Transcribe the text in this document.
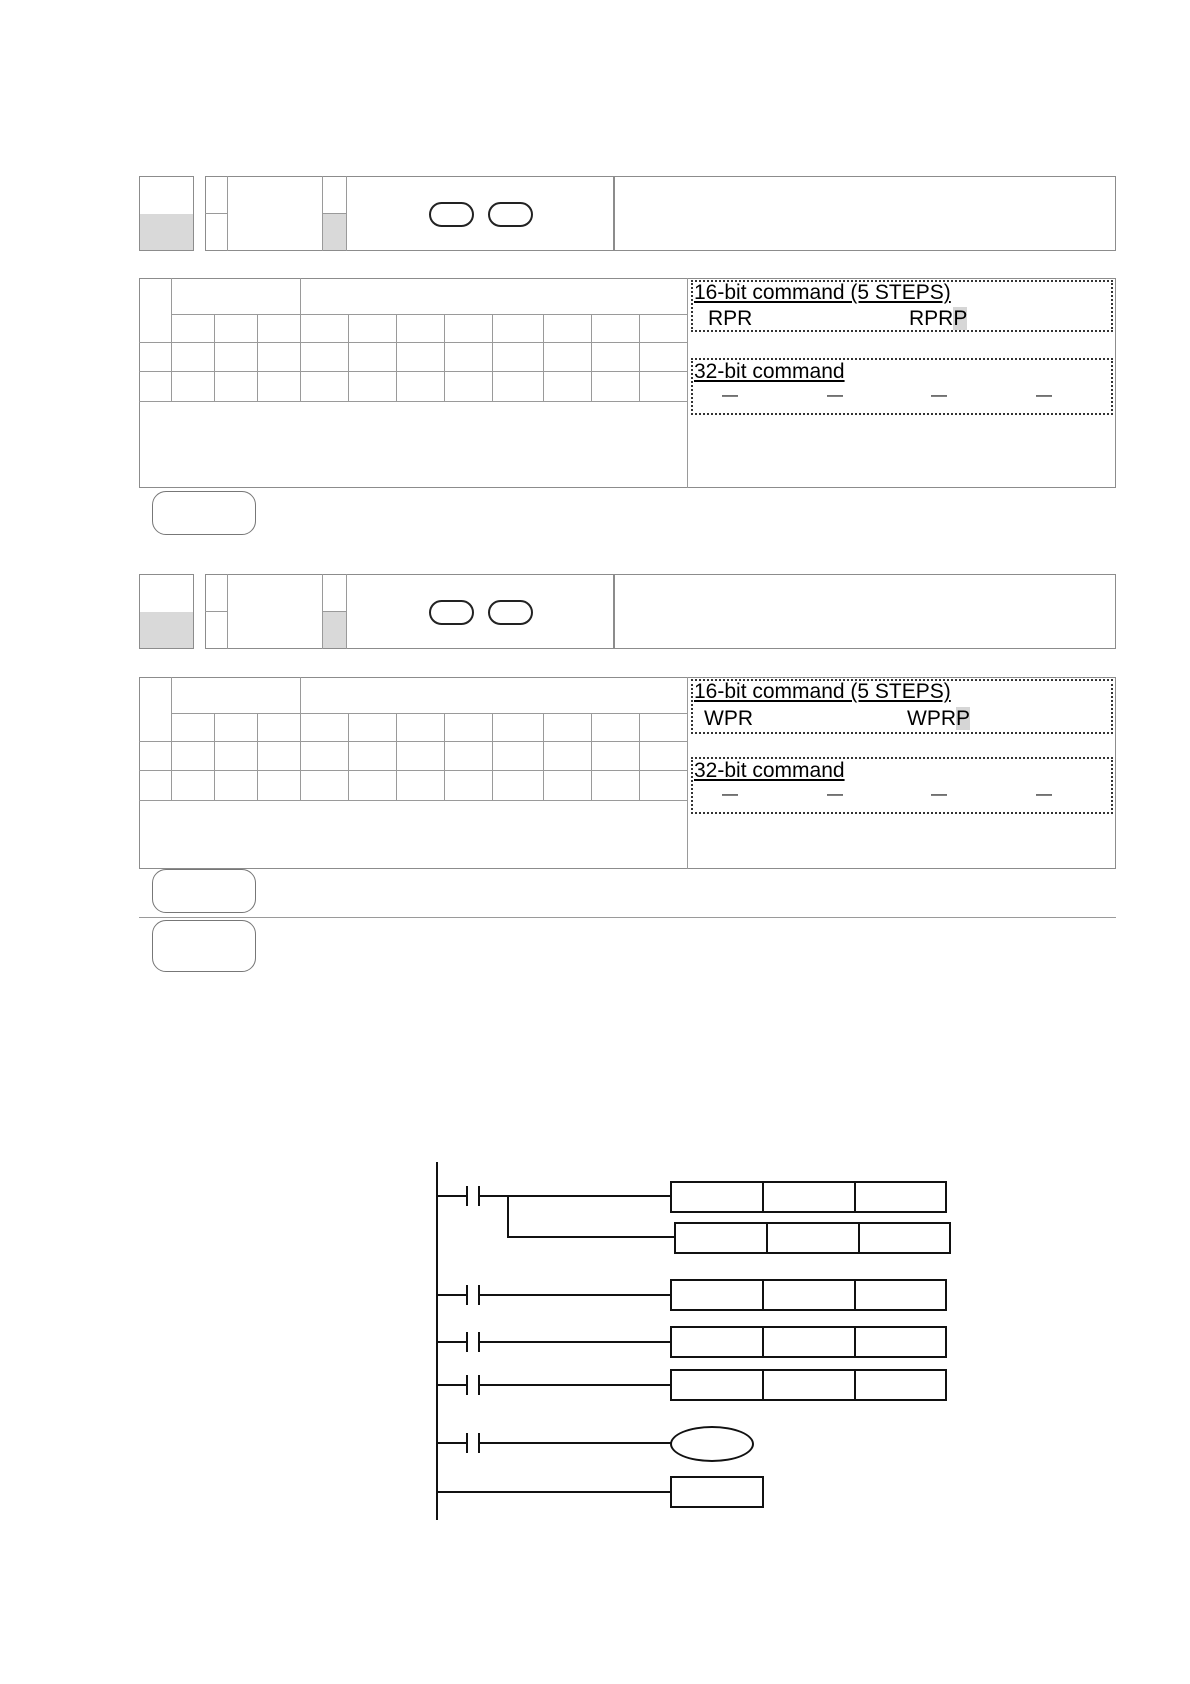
16-bit command (5 STEPS)
RPR	RPRP
32-bit command
—	—	—	—
16-bit command (5 STEPS)
WPR	WPRP
32-bit command
—	—	—	—
